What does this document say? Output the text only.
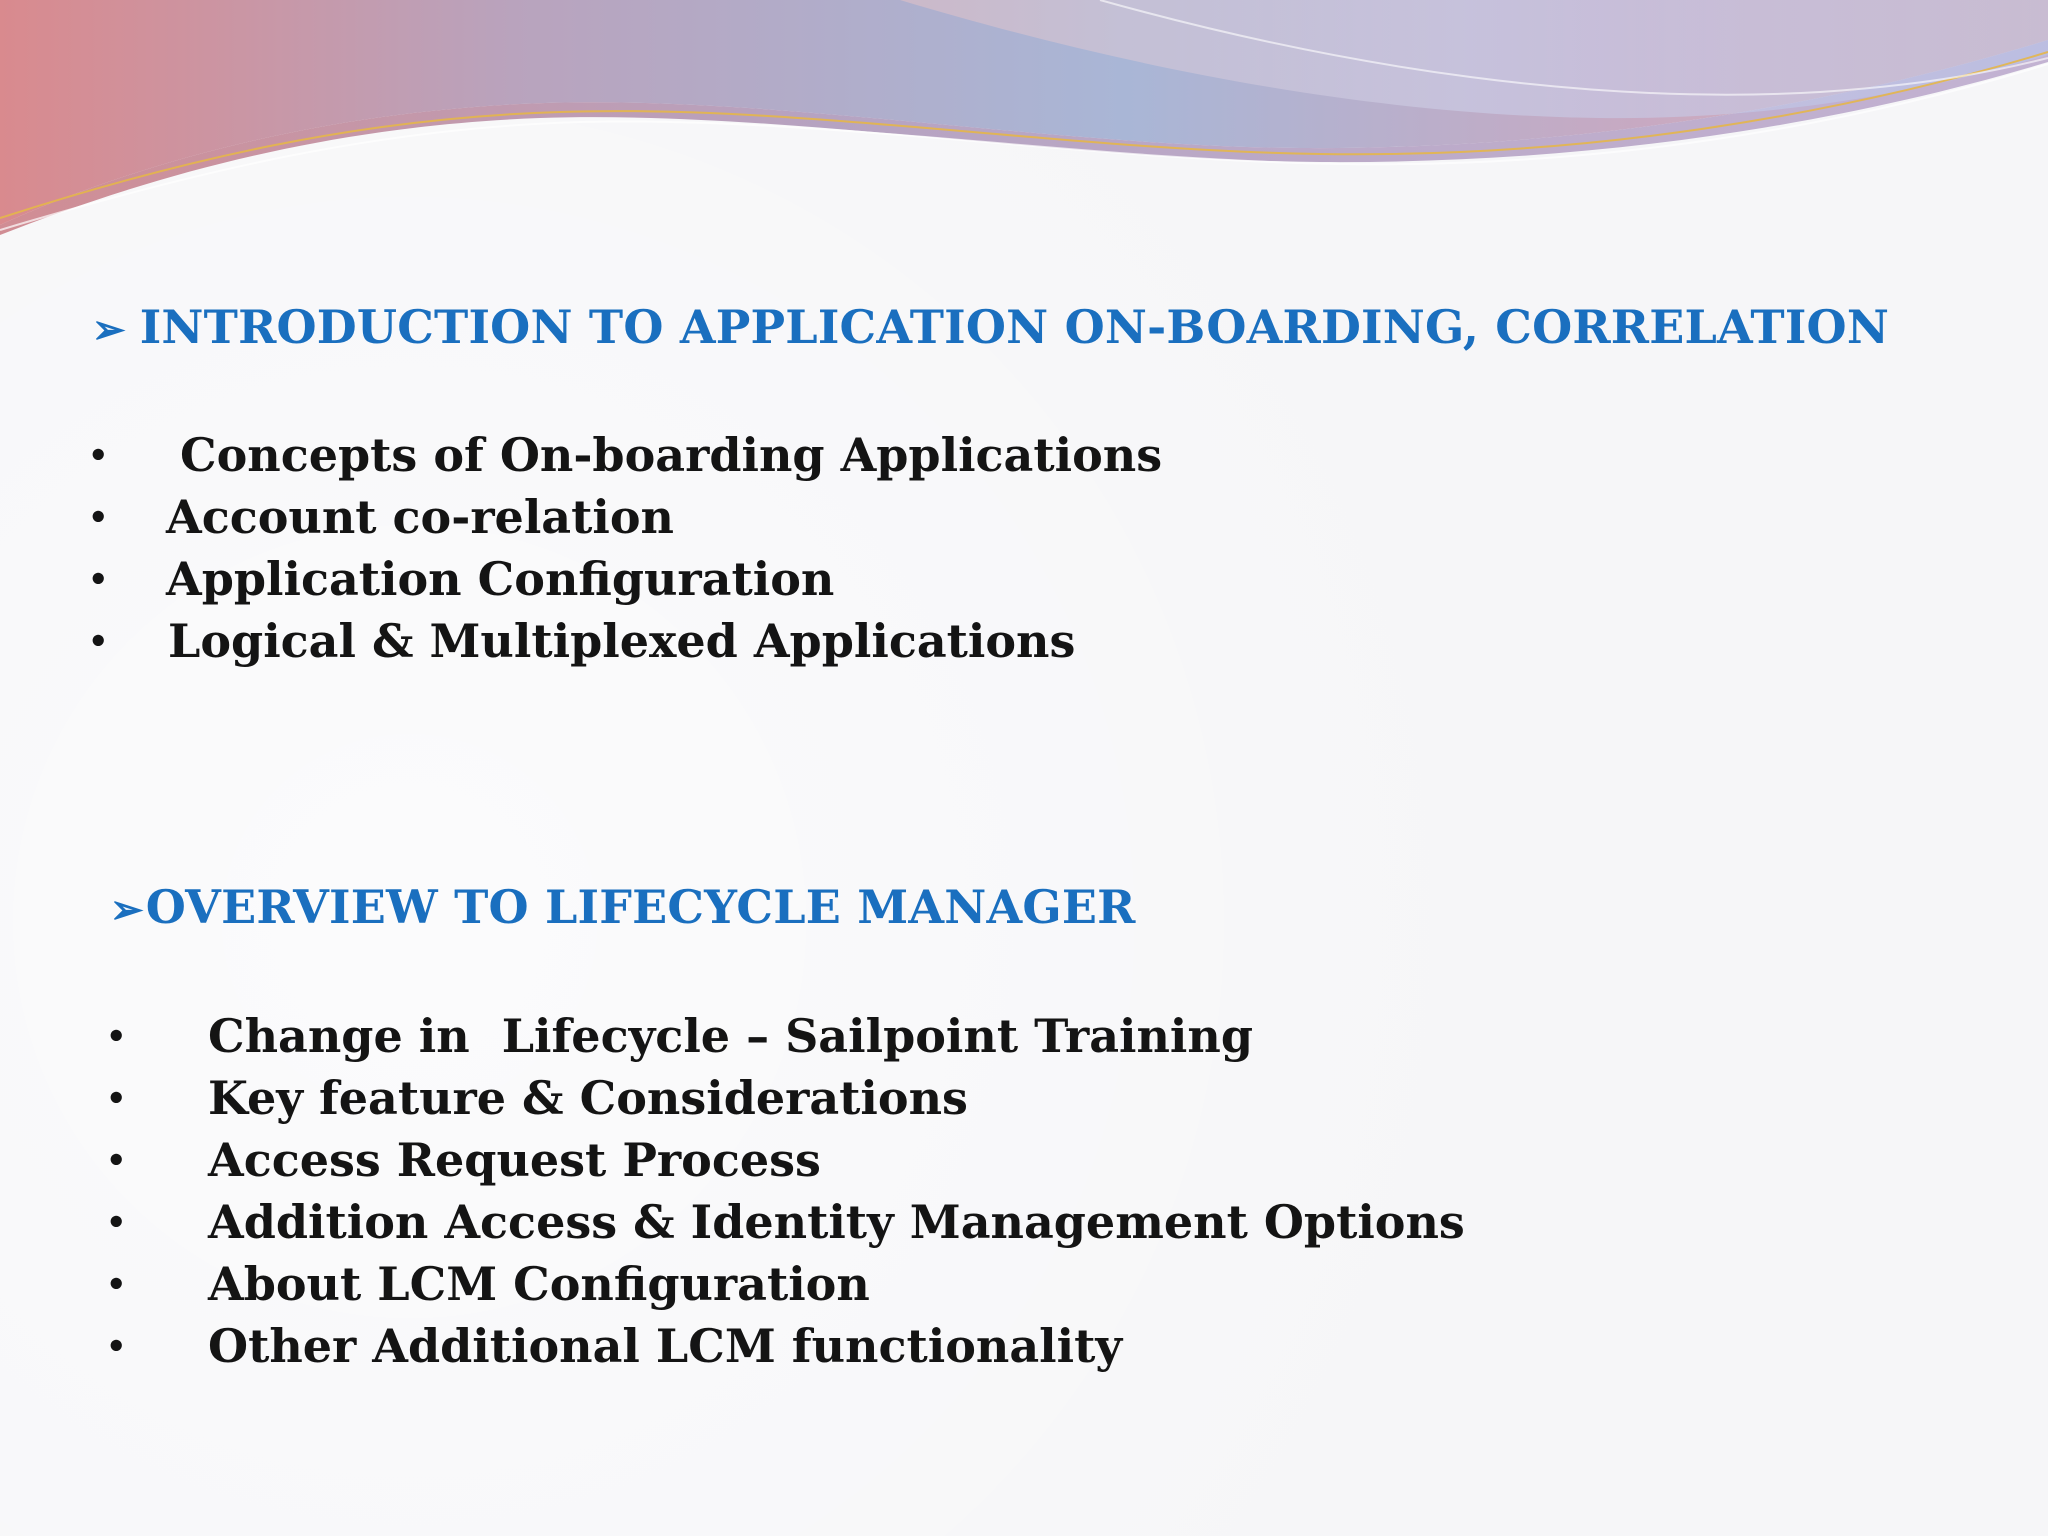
➢ INTRODUCTION TO APPLICATION ON-BOARDING, CORRELATION
• Concepts of On-boarding Applications
• Account co-relation
• Application Configuration
• Logical & Multiplexed Applications
➢OVERVIEW TO LIFECYCLE MANAGER
• Change in  Lifecycle – Sailpoint Training
• Key feature & Considerations
• Access Request Process
• Addition Access & Identity Management Options
• About LCM Configuration
• Other Additional LCM functionality
